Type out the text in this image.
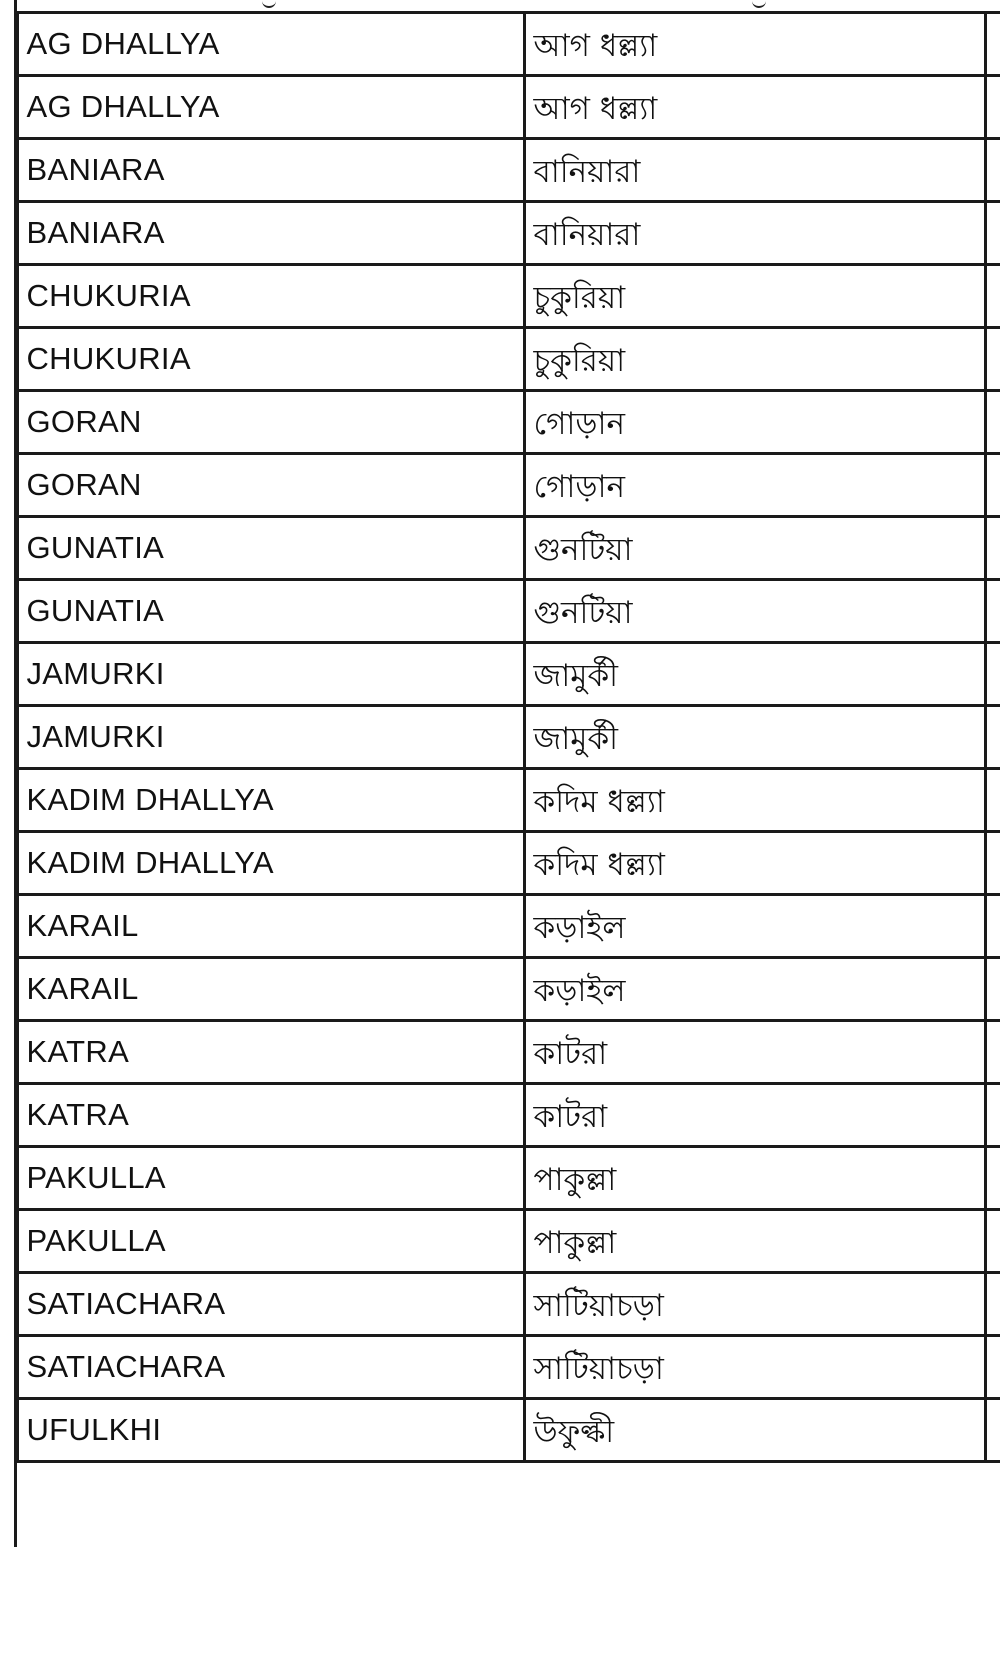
	AG DHALLYA	আগ ধল্ল্যা	
	AG DHALLYA	আগ ধল্ল্যা	
	BANIARA	বানিয়ারা	
	BANIARA	বানিয়ারা	
	CHUKURIA	চুকুরিয়া	
	CHUKURIA	চুকুরিয়া	
	GORAN	গোড়ান	
	GORAN	গোড়ান	
	GUNATIA	গুনটিয়া	
	GUNATIA	গুনটিয়া	
	JAMURKI	জামুর্কী	
	JAMURKI	জামুর্কী	
	KADIM DHALLYA	কদিম ধল্ল্যা	
	KADIM DHALLYA	কদিম ধল্ল্যা	
	KARAIL	কড়াইল	
	KARAIL	কড়াইল	
	KATRA	কাটরা	
	KATRA	কাটরা	
	PAKULLA	পাকুল্লা	
	PAKULLA	পাকুল্লা	
	SATIACHARA	সাটিয়াচড়া	
	SATIACHARA	সাটিয়াচড়া	
	UFULKHI	উফুল্কী	
